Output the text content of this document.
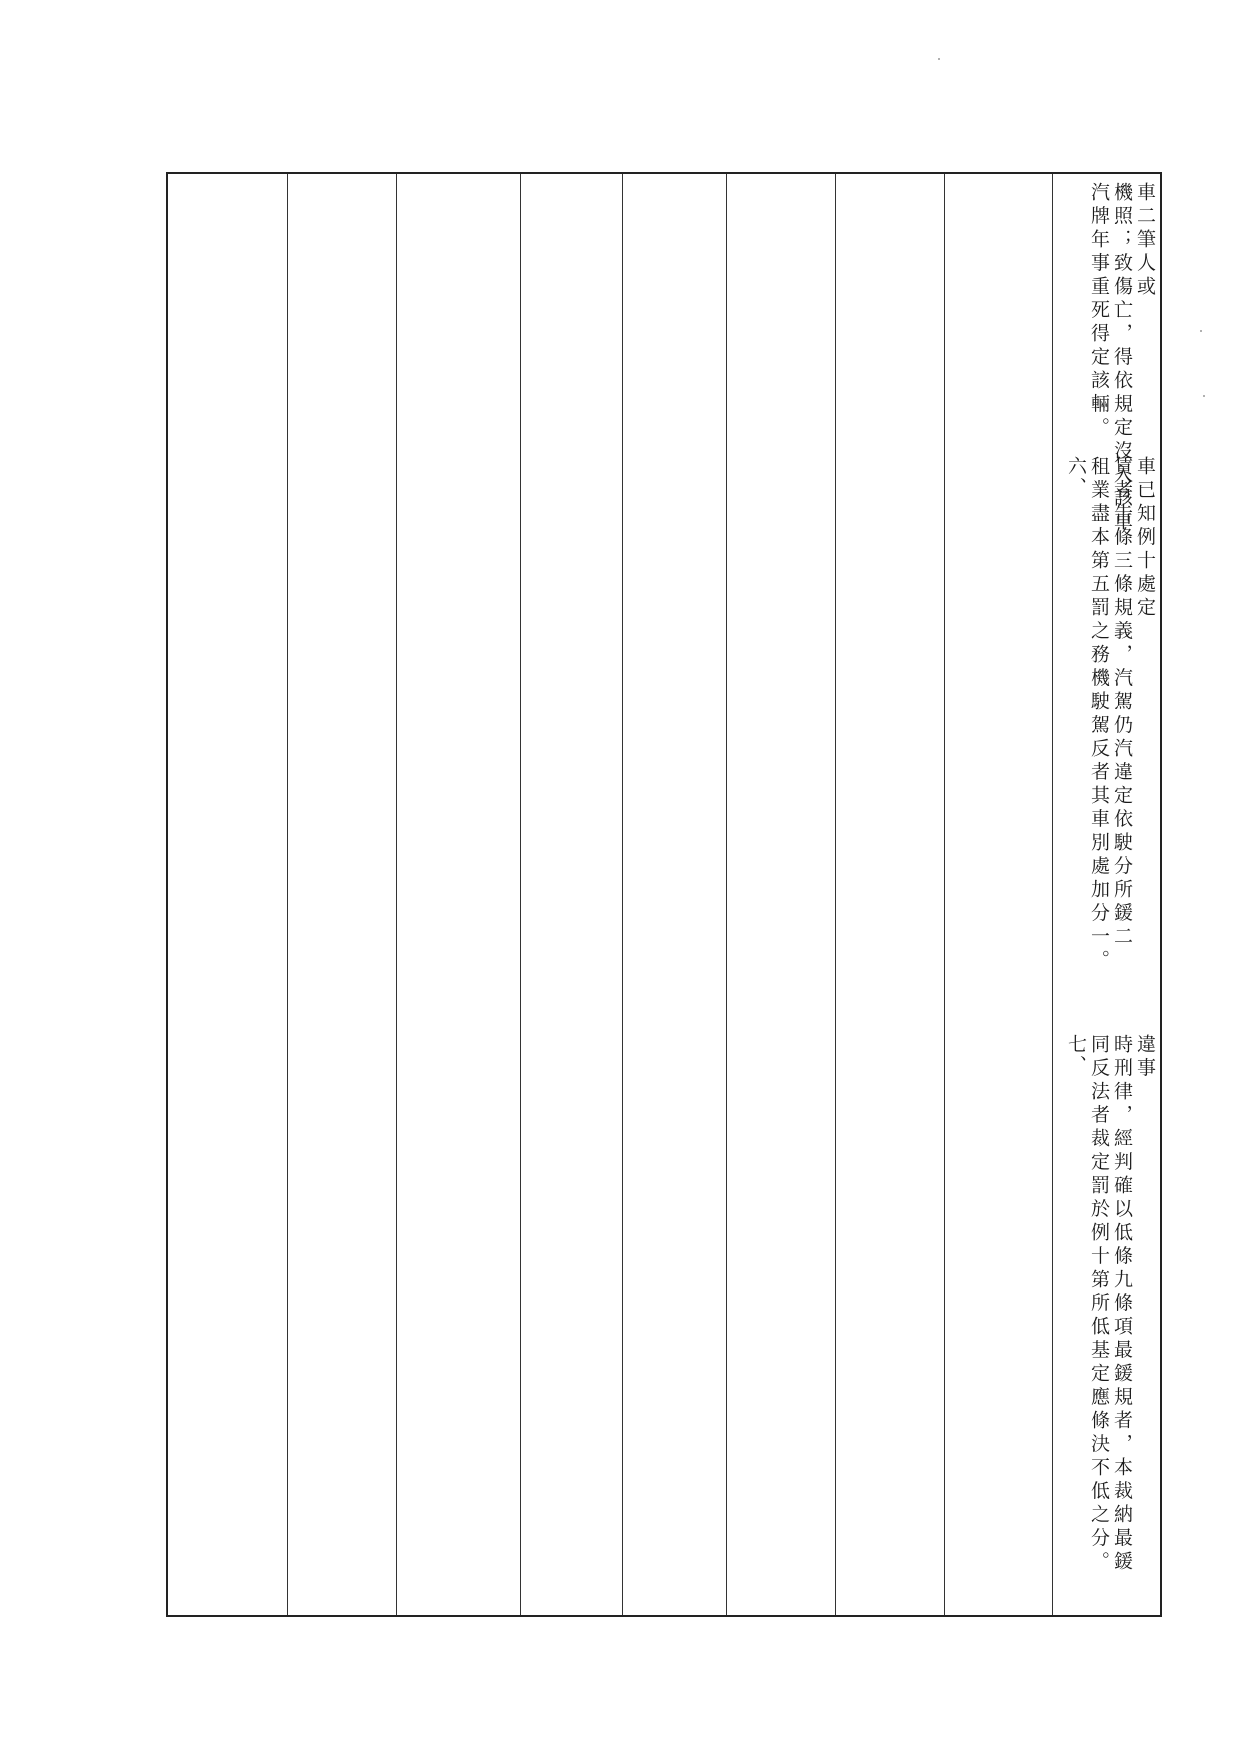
車二筆人或
機照；致傷亡，得依規定沒入該車
汽牌年事重死得定該輛。
車已知例十處定
賃者告條三條規義，汽駕仍汽違定依駛分所鍰二
租業盡本第五罰之務機駛駕反者其車別處加分一。
六、
違事
時刑律，經判確以低條九條項最鍰規者，本裁納最鍰
同反法者裁定罰於例十第所低基定應條決不低之分。
七、
